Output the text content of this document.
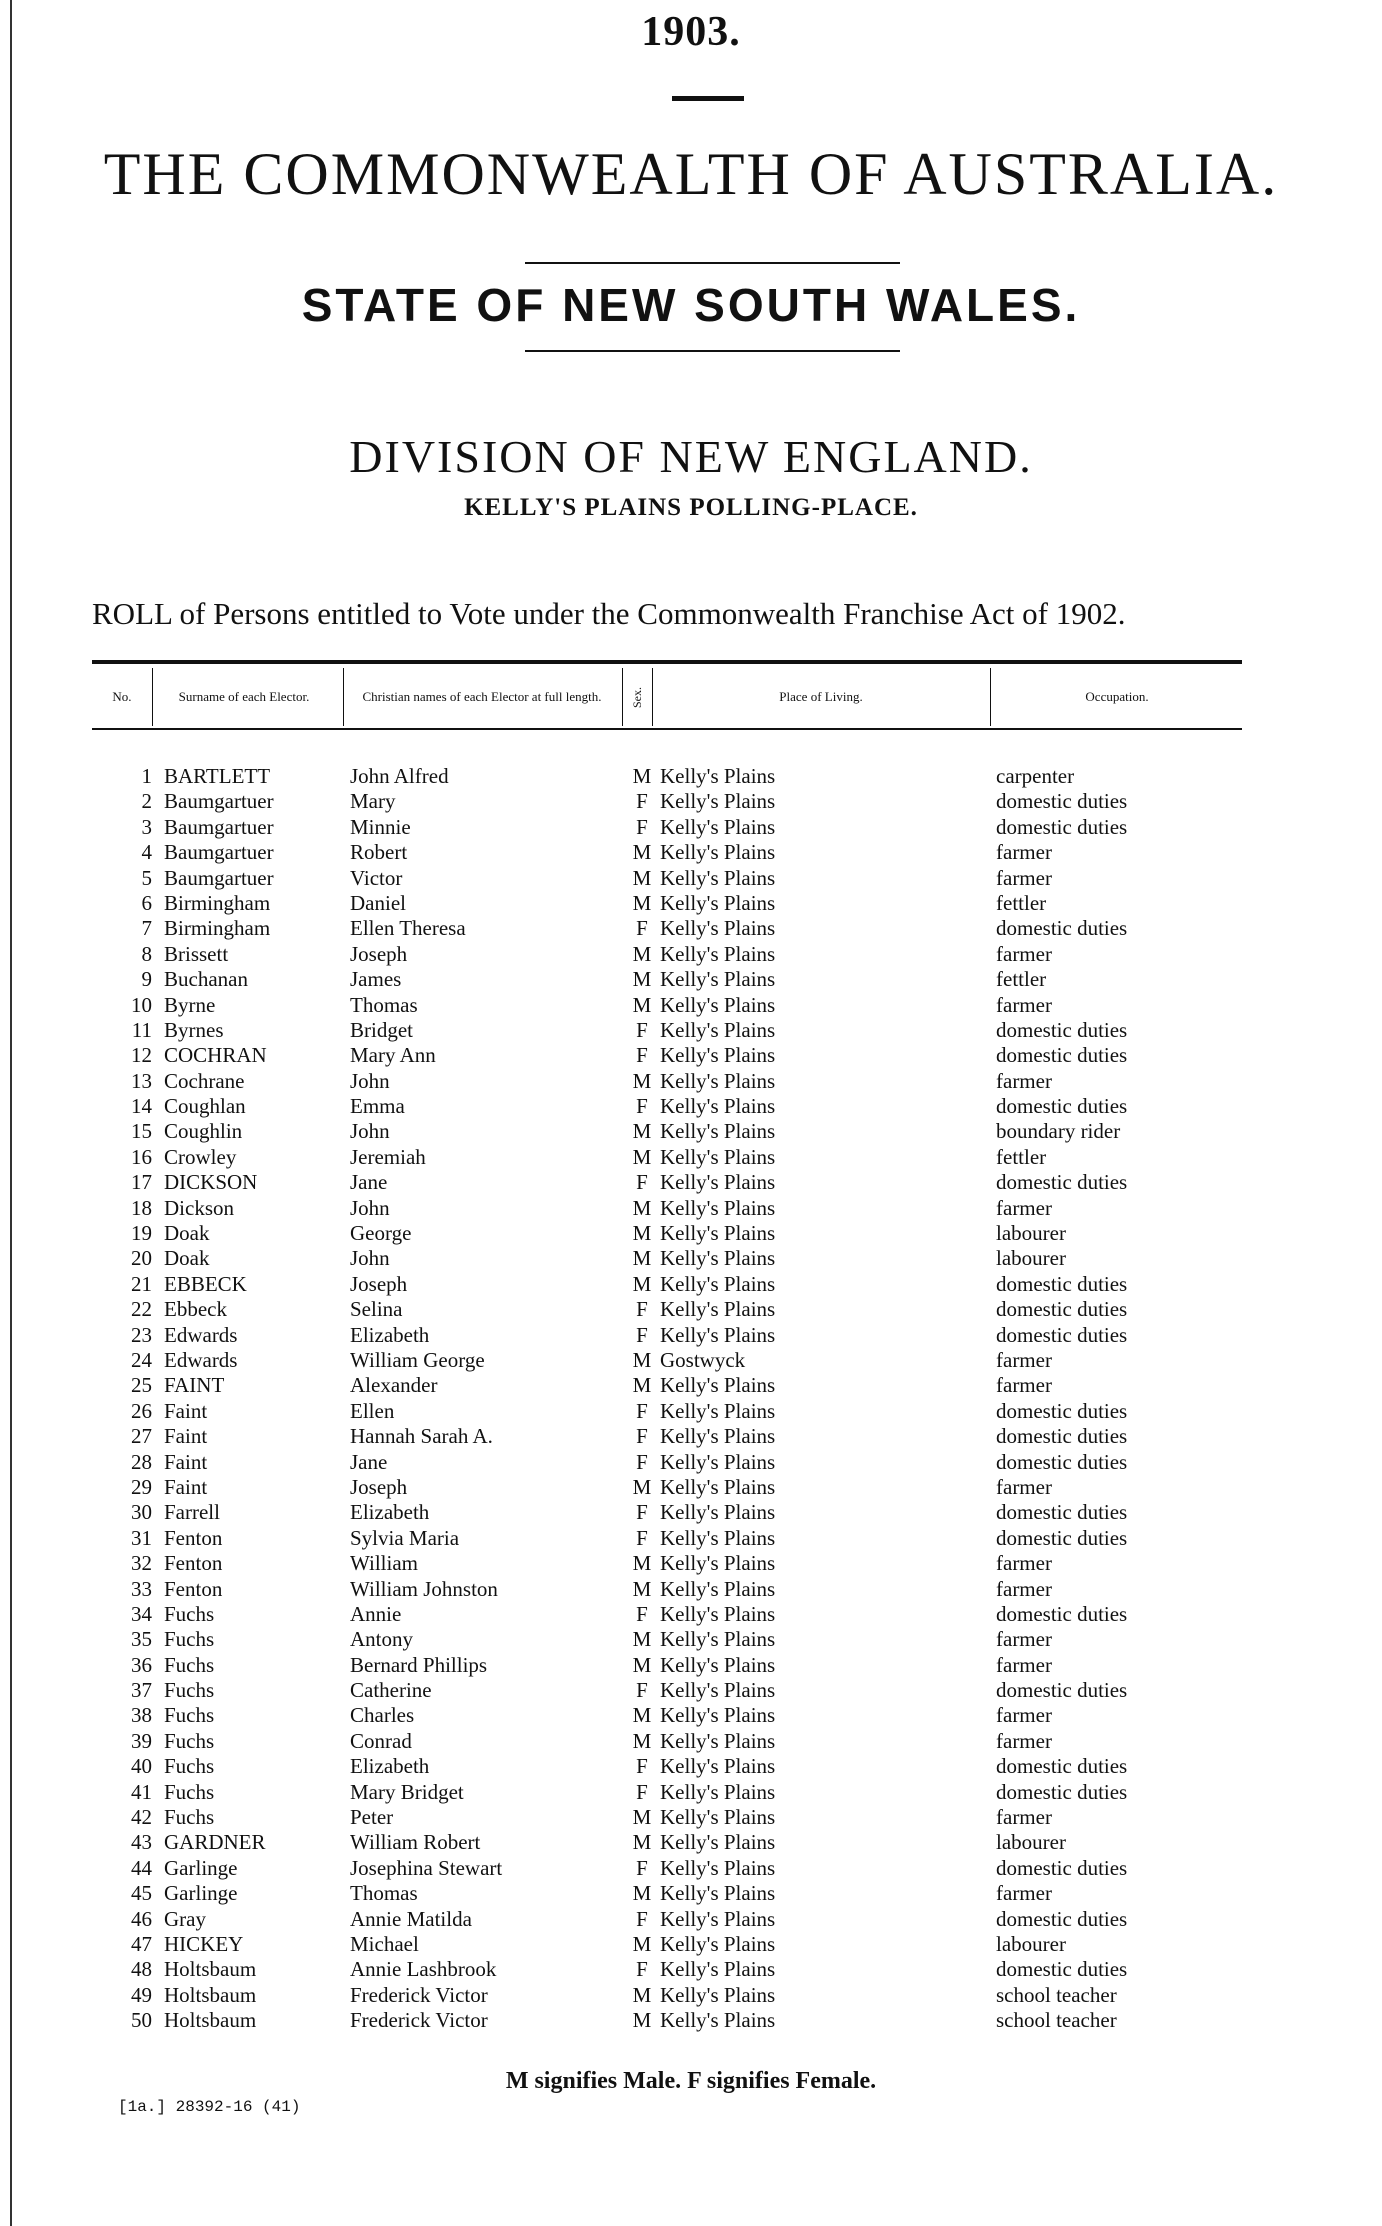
1903.
THE COMMONWEALTH OF AUSTRALIA.
STATE OF NEW SOUTH WALES.
DIVISION OF NEW ENGLAND.
KELLY'S PLAINS POLLING-PLACE.
ROLL of Persons entitled to Vote under the Commonwealth Franchise Act of 1902.
No.	Surname of each Elector.	Christian names of each Elector at full length.	Sex.	Place of Living.	Occupation.
1 BARTLETT	John Alfred	M Kelly's Plains	carpenter
2 Baumgartuer	Mary	F Kelly's Plains	domestic duties
3 Baumgartuer	Minnie	F Kelly's Plains	domestic duties
4 Baumgartuer	Robert	M Kelly's Plains	farmer
5 Baumgartuer	Victor	M Kelly's Plains	farmer
6 Birmingham	Daniel	M Kelly's Plains	fettler
7 Birmingham	Ellen Theresa	F Kelly's Plains	domestic duties
8 Brissett	Joseph	M Kelly's Plains	farmer
9 Buchanan	James	M Kelly's Plains	fettler
10 Byrne	Thomas	M Kelly's Plains	farmer
11 Byrnes	Bridget	F Kelly's Plains	domestic duties
12 COCHRAN	Mary Ann	F Kelly's Plains	domestic duties
13 Cochrane	John	M Kelly's Plains	farmer
14 Coughlan	Emma	F Kelly's Plains	domestic duties
15 Coughlin	John	M Kelly's Plains	boundary rider
16 Crowley	Jeremiah	M Kelly's Plains	fettler
17 DICKSON	Jane	F Kelly's Plains	domestic duties
18 Dickson	John	M Kelly's Plains	farmer
19 Doak	George	M Kelly's Plains	labourer
20 Doak	John	M Kelly's Plains	labourer
21 EBBECK	Joseph	M Kelly's Plains	domestic duties
22 Ebbeck	Selina	F Kelly's Plains	domestic duties
23 Edwards	Elizabeth	F Kelly's Plains	domestic duties
24 Edwards	William George	M Gostwyck	farmer
25 FAINT	Alexander	M Kelly's Plains	farmer
26 Faint	Ellen	F Kelly's Plains	domestic duties
27 Faint	Hannah Sarah A.	F Kelly's Plains	domestic duties
28 Faint	Jane	F Kelly's Plains	domestic duties
29 Faint	Joseph	M Kelly's Plains	farmer
30 Farrell	Elizabeth	F Kelly's Plains	domestic duties
31 Fenton	Sylvia Maria	F Kelly's Plains	domestic duties
32 Fenton	William	M Kelly's Plains	farmer
33 Fenton	William Johnston	M Kelly's Plains	farmer
34 Fuchs	Annie	F Kelly's Plains	domestic duties
35 Fuchs	Antony	M Kelly's Plains	farmer
36 Fuchs	Bernard Phillips	M Kelly's Plains	farmer
37 Fuchs	Catherine	F Kelly's Plains	domestic duties
38 Fuchs	Charles	M Kelly's Plains	farmer
39 Fuchs	Conrad	M Kelly's Plains	farmer
40 Fuchs	Elizabeth	F Kelly's Plains	domestic duties
41 Fuchs	Mary Bridget	F Kelly's Plains	domestic duties
42 Fuchs	Peter	M Kelly's Plains	farmer
43 GARDNER	William Robert	M Kelly's Plains	labourer
44 Garlinge	Josephina Stewart	F Kelly's Plains	domestic duties
45 Garlinge	Thomas	M Kelly's Plains	farmer
46 Gray	Annie Matilda	F Kelly's Plains	domestic duties
47 HICKEY	Michael	M Kelly's Plains	labourer
48 Holtsbaum	Annie Lashbrook	F Kelly's Plains	domestic duties
49 Holtsbaum	Frederick Victor	M Kelly's Plains	school teacher
50 Holtsbaum	Frederick Victor	M Kelly's Plains	school teacher
M signifies Male. F signifies Female.
[1a.] 28392-16 (41)
